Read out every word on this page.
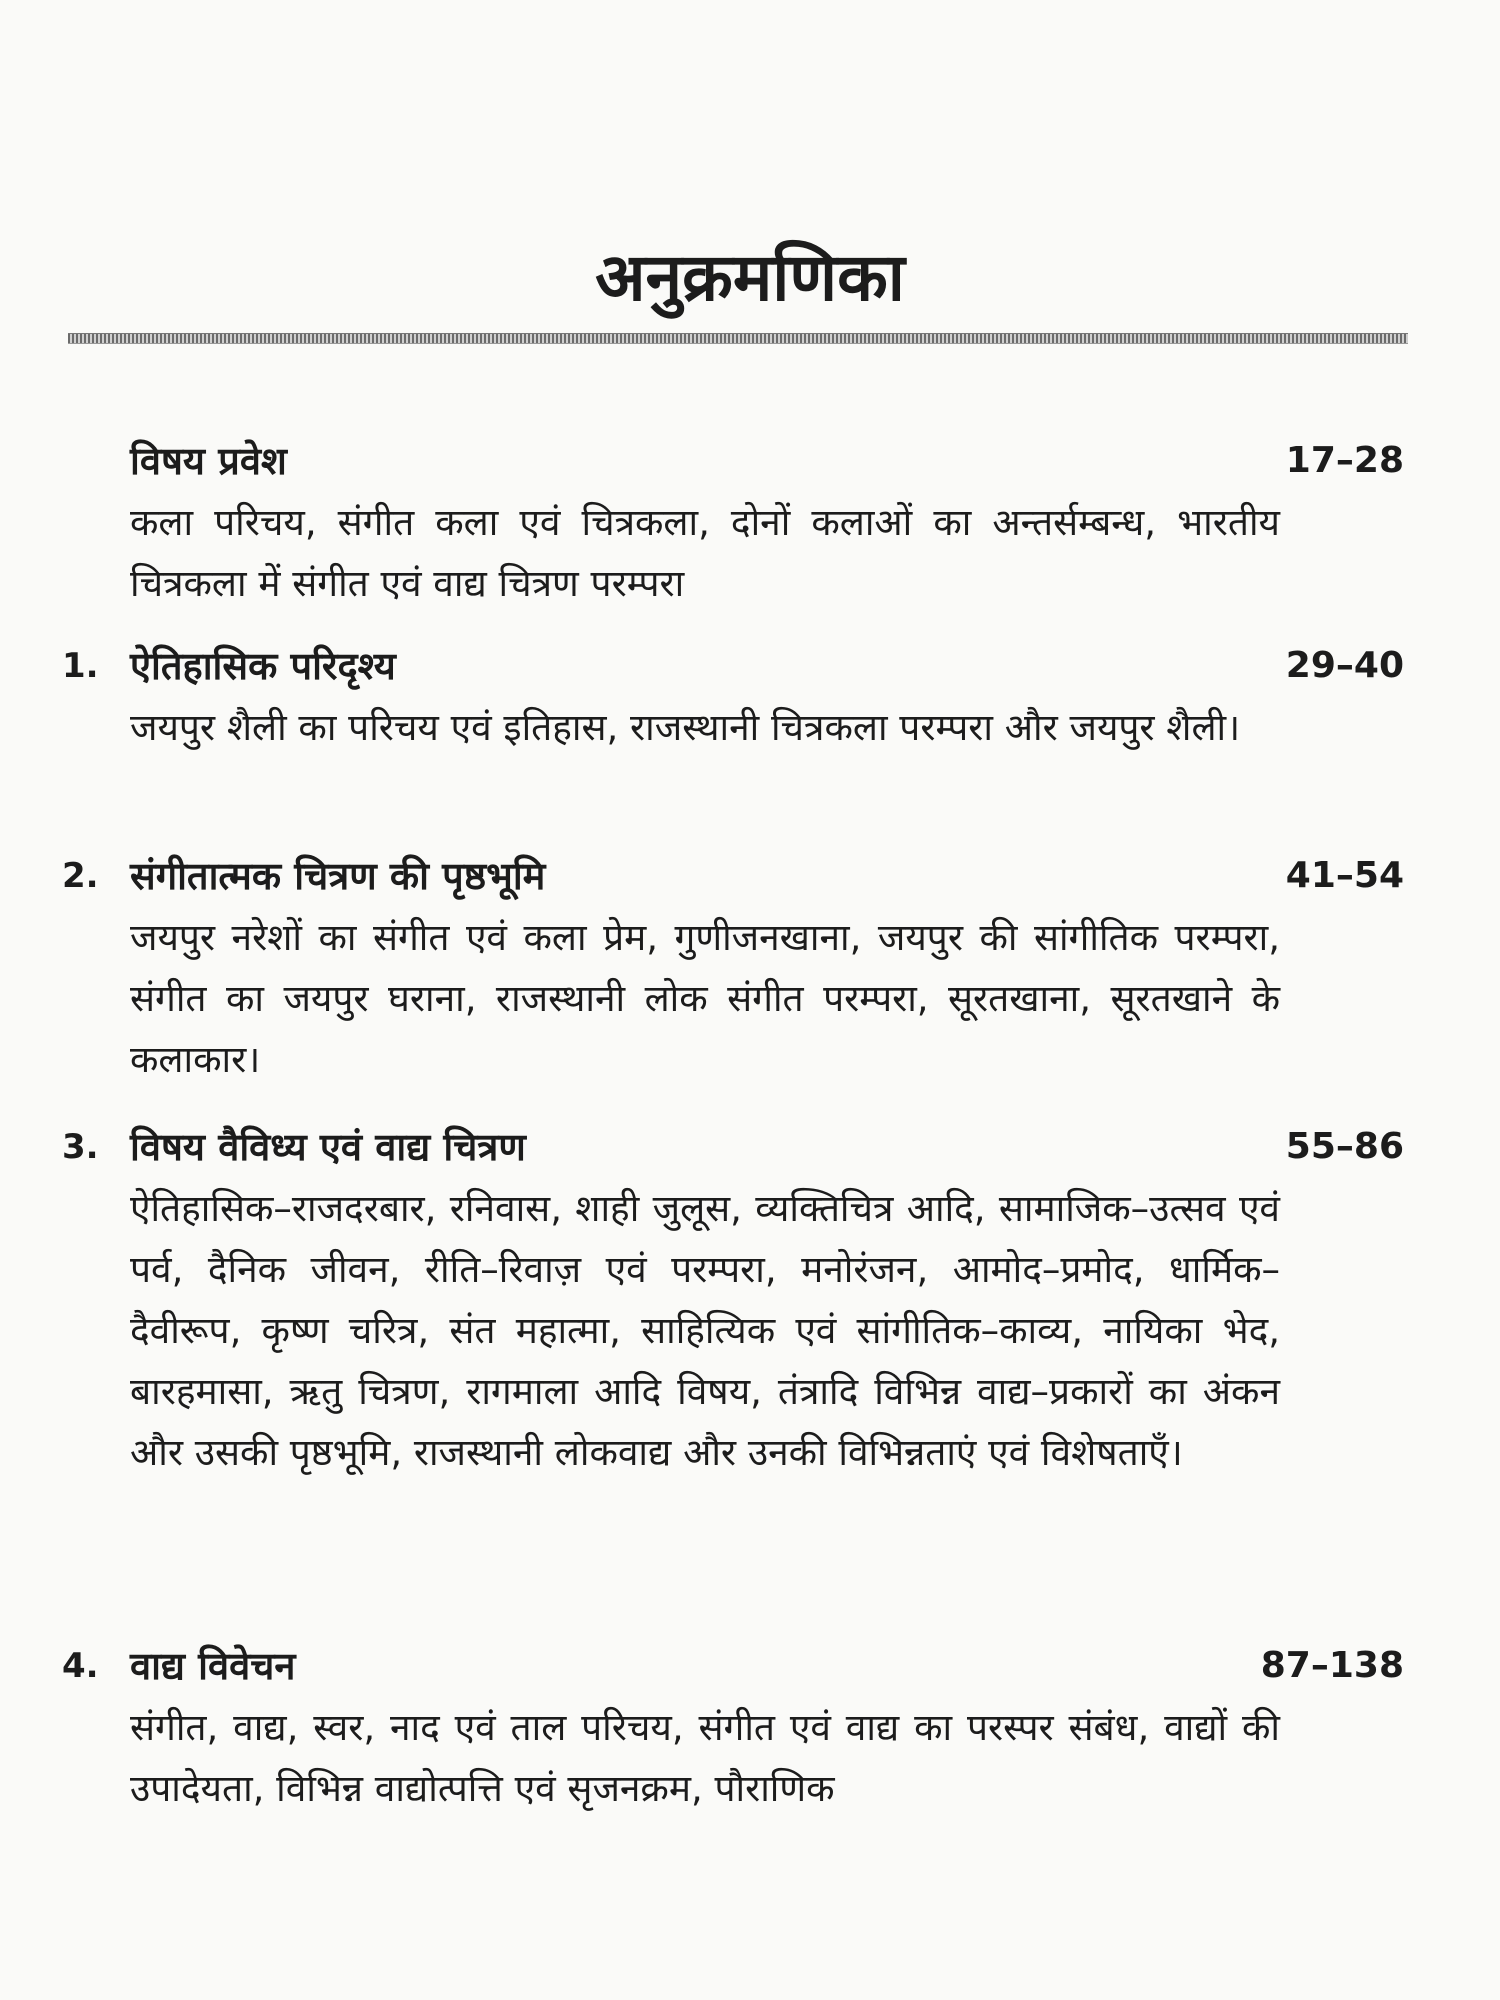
अनुक्रमणिका
विषय प्रवेश	17–28
कला परिचय, संगीत कला एवं चित्रकला, दोनों कलाओं का अन्तर्सम्बन्ध, भारतीय चित्रकला में संगीत एवं वाद्य चित्रण परम्परा
1. ऐतिहासिक परिदृश्य	29–40
जयपुर शैली का परिचय एवं इतिहास, राजस्थानी चित्रकला परम्परा और जयपुर शैली।
2. संगीतात्मक चित्रण की पृष्ठभूमि	41–54
जयपुर नरेशों का संगीत एवं कला प्रेम, गुणीजनखाना, जयपुर की सांगीतिक परम्परा, संगीत का जयपुर घराना, राजस्थानी लोक संगीत परम्परा, सूरतखाना, सूरतखाने के कलाकार।
3. विषय वैविध्य एवं वाद्य चित्रण	55–86
ऐतिहासिक–राजदरबार, रनिवास, शाही जुलूस, व्यक्तिचित्र आदि, सामाजिक–उत्सव एवं पर्व, दैनिक जीवन, रीति–रिवाज़ एवं परम्परा, मनोरंजन, आमोद–प्रमोद, धार्मिक–दैवीरूप, कृष्ण चरित्र, संत महात्मा, साहित्यिक एवं सांगीतिक–काव्य, नायिका भेद, बारहमासा, ऋतु चित्रण, रागमाला आदि विषय, तंत्रादि विभिन्न वाद्य–प्रकारों का अंकन और उसकी पृष्ठभूमि, राजस्थानी लोकवाद्य और उनकी विभिन्नताएं एवं विशेषताएँ।
4. वाद्य विवेचन	87–138
संगीत, वाद्य, स्वर, नाद एवं ताल परिचय, संगीत एवं वाद्य का परस्पर संबंध, वाद्यों की उपादेयता, विभिन्न वाद्योत्पत्ति एवं सृजनक्रम, पौराणिक
